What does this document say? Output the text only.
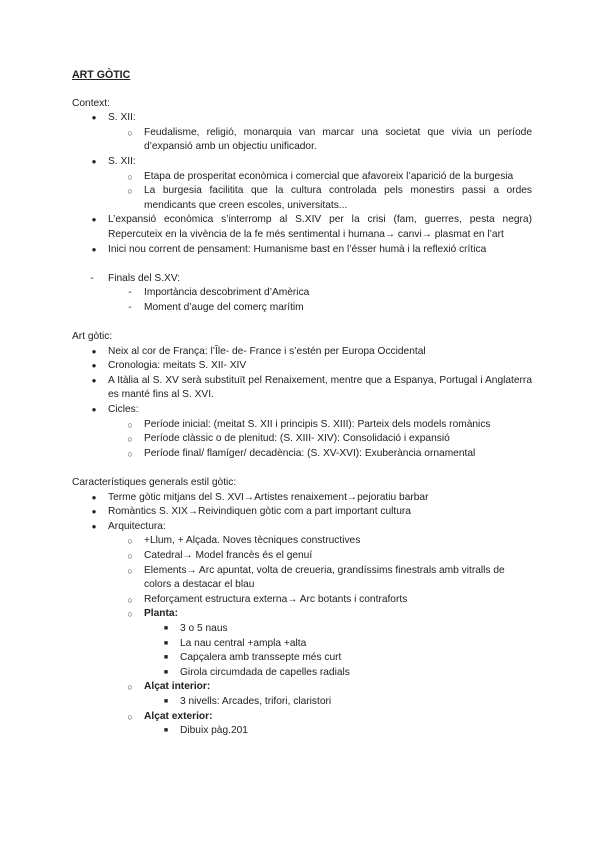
ART GÒTIC
Context:
●	S. XII:
○	Feudalisme, religió, monarquia van marcar una societat que vivia un període d’expansió amb un objectiu unificador.
●	S. XII:
○	Etapa de prosperitat econòmica i comercial que afavoreix l’aparició de la burgesia
○	La burgesia facilitita que la cultura controlada pels monestirs passi a ordes mendicants que creen escoles, universitats...
●	L’expansió econòmica s’interromp al S.XIV per la crisi (fam, guerres, pesta negra) Repercuteix en la vivència de la fe més sentimental i humana→ canvi→ plasmat en l’art
●	Inici nou corrent de pensament: Humanisme bast en l’ésser humà i la reflexió crítica
-	Finals del S.XV:
-	Importància descobriment d’Amèrica
-	Moment d’auge del comerç marítim
Art gòtic:
●	Neix al cor de França: l’Île- de- France i s’estén per Europa Occidental
●	Cronologia: meitats S. XII- XIV
●	A Itàlia al S. XV serà substituït pel Renaixement, mentre que a Espanya, Portugal i Anglaterra es manté fins al S. XVI.
●	Cicles:
○	Període inicial: (meitat S. XII i principis S. XIII): Parteix dels models romànics
○	Període clàssic o de plenitud: (S. XIII- XIV): Consolidació i expansió
○	Període final/ flamíger/ decadència: (S. XV-XVI): Exuberància ornamental
Característiques generals estil gòtic:
●	Terme gòtic mitjans del S. XVI→Artistes renaixement→pejoratiu barbar
●	Romàntics S. XIX→Reivindiquen gòtic com a part important cultura
●	Arquitectura:
○	+Llum, + Alçada. Noves tècniques constructives
○	Catedral→ Model francès és el genuí
○	Elements→ Arc apuntat, volta de creueria, grandíssims finestrals amb vitralls de colors a destacar el blau
○	Reforçament estructura externa→ Arc botants i contraforts
○	Planta:
■	3 o 5 naus
■	La nau central +ampla +alta
■	Capçalera amb transsepte més curt
■	Girola circumdada de capelles radials
○	Alçat interior:
■	3 nivells: Arcades, trifori, claristori
○	Alçat exterior:
■	Dibuix pàg.201
